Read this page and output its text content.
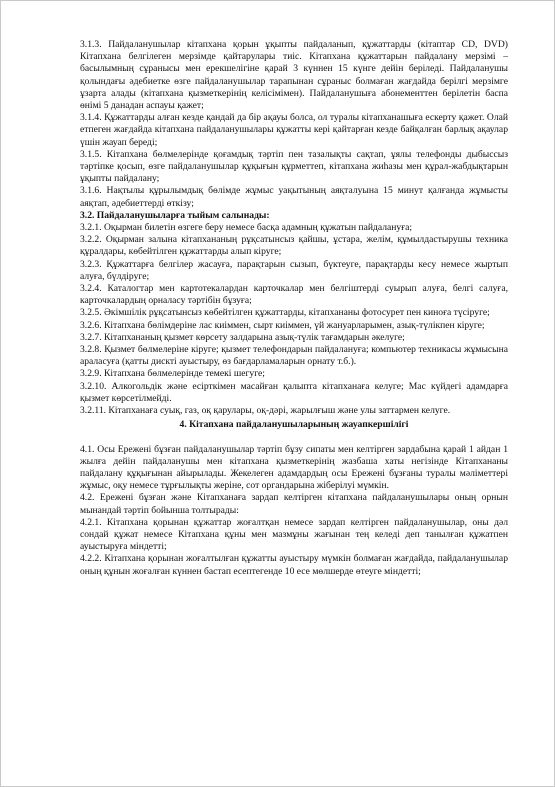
3.1.3. Пайдаланушылар кітапхана қорын ұқыпты пайдаланып, құжаттарды (кітаптар CD, DVD) Кітапхана белгілеген мерзімде қайтарулары тиіс. Кітапхана құжаттарын пайдалану мерзімі – басылымның сұранысы мен ерекшелігіне қарай 3 күннен 15 күнге дейін беріледі. Пайдаланушы қолындағы әдебиетке өзге пайдаланушылар тарапынан сұраныс болмаған жағдайда берілгі мерзімге ұзарта алады (кітапхана қызметкерінің келісімімен). Пайдаланушыға абонементтен берілетін баспа өнімі 5 данадан аспауы қажет;

3.1.4. Құжаттарды алған кезде қандай да бір ақауы болса, ол туралы кітапханашыға ескерту қажет. Олай етпеген жағдайда кітапхана пайдаланушылары құжатты кері қайтарған кезде байқалған барлық ақаулар үшін жауап береді;

3.1.5. Кітапхана бөлмелерінде қоғамдық тәртіп пен тазалықты сақтап, ұялы телефонды дыбыссыз тәртіпке қосып, өзге пайдаланушылар құқығын құрметтеп, кітапхана жиһазы мен құрал-жабдықтарын ұқыпты пайдалану;

3.1.6. Нақтылы құрылымдық бөлімде жұмыс уақытының аяқталуына 15 минут қалғанда жұмысты аяқтап, әдебиеттерді өткізу;

3.2. Пайдаланушыларға тыйым салынады:

3.2.1. Оқырман билетін өзгеге беру немесе басқа адамның құжатын пайдалануға;

3.2.2. Оқырман залына кітапхананың рұқсатынсыз қайшы, ұстара, желім, құмылдастырушы техника құралдары, көбейтілген құжаттарды алып кіруге;

3.2.3. Құжаттарға белгілер жасауға, парақтарын сызып, бүктеуге, парақтарды кесу немесе жыртып алуға, бүлдіруге;

3.2.4. Каталогтар мен картотекалардан карточкалар мен белгіштерді суырып алуға, белгі салуға, карточкалардың орналасу тәртібін бұзуға;

3.2.5. Әкімшілік рұқсатынсыз көбейтілген құжаттарды, кітапхананы фотосурет пен киноға түсіруге;

3.2.6. Кітапхана бөлімдеріне лас киіммен, сырт киіммен, үй жануарларымен, азық-түлікпен кіруге;

3.2.7. Кітапхананың қызмет көрсету залдарына азық-түлік тағамдарын әкелуге;

3.2.8. Қызмет бөлмелеріне кіруге; қызмет телефондарын пайдалануға; компьютер техникасы жұмысына араласуға (қатты дискті ауыстыру, өз бағдарламаларын орнату т.б.).

3.2.9. Кітапхана бөлмелерінде темекі шегуге;

3.2.10. Алкогольдік және есірткімен масайған қалыпта кітапханаға келуге; Мас күйдегі адамдарға қызмет көрсетілмейді.

3.2.11. Кітапханаға суық, газ, оқ қарулары, оқ-дәрі, жарылғыш және улы заттармен келуге.

4. Кітапхана пайдаланушыларының жауапкершілігі

4.1. Осы Ережені бұзған пайдаланушылар тәртіп бұзу сипаты мен келтірген зардабына қарай 1 айдан 1 жылға дейін пайдаланушы мен кітапхана қызметкерінің жазбаша хаты негізінде Кітапхананы пайдалану құқығынан айырылады. Жекелеген адамдардың осы Ережені бұзғаны туралы мәліметтері жұмыс, оқу немесе тұрғылықты жеріне, сот органдарына жіберілуі мүмкін.

4.2. Ережені бұзған және Кітапханаға зардап келтірген кітапхана пайдаланушылары оның орнын мынандай тәртіп бойынша толтырады:

4.2.1. Кітапхана қорынан құжаттар жоғалтқан немесе зардап келтірген пайдаланушылар, оны дәл сондай құжат немесе Кітапхана құны мен мазмұны жағынан тең келеді деп танылған құжатпен ауыстыруға міндетті;

4.2.2. Кітапхана қорынан жоғалтылған құжатты ауыстыру мүмкін болмаған жағдайда, пайдаланушылар оның құнын жоғалған күннен бастап есептегенде 10 есе мөлшерде өтеуге міндетті;
